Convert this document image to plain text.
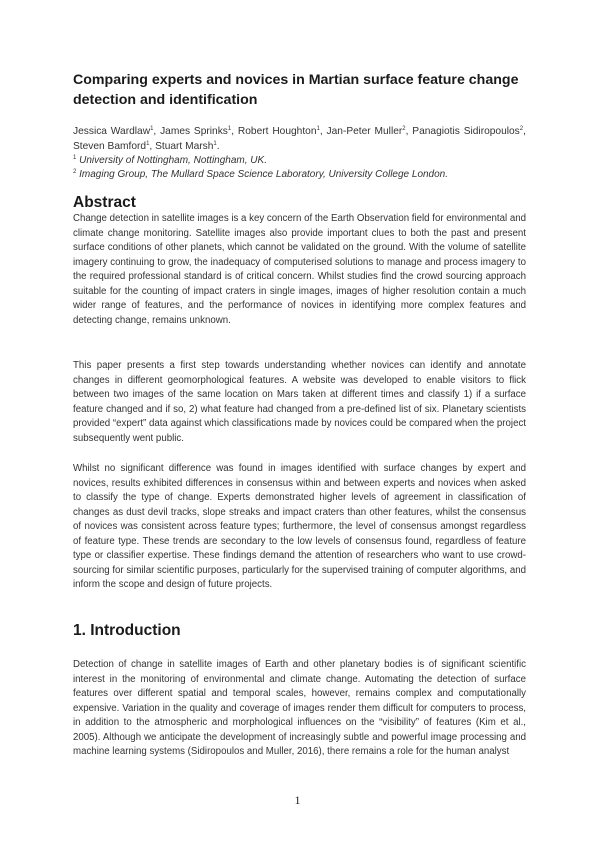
Comparing experts and novices in Martian surface feature change detection and identification
Jessica Wardlaw$^1$, James Sprinks$^1$, Robert Houghton$^1$, Jan-Peter Muller$^2$, Panagiotis Sidiropoulos$^2$, Steven Bamford$^1$, Stuart Marsh$^1$.
$^1$ University of Nottingham, Nottingham, UK.
$^2$ Imaging Group, The Mullard Space Science Laboratory, University College London.
Abstract

Change detection in satellite images is a key concern of the Earth Observation field for environmental and climate change monitoring. Satellite images also provide important clues to both the past and present surface conditions of other planets, which cannot be validated on the ground. With the volume of satellite imagery continuing to grow, the inadequacy of computerised solutions to manage and process imagery to the required professional standard is of critical concern. Whilst studies find the crowd sourcing approach suitable for the counting of impact craters in single images, images of higher resolution contain a much wider range of features, and the performance of novices in identifying more complex features and detecting change, remains unknown.

This paper presents a first step towards understanding whether novices can identify and annotate changes in different geomorphological features. A website was developed to enable visitors to flick between two images of the same location on Mars taken at different times and classify 1) if a surface feature changed and if so, 2) what feature had changed from a pre-defined list of six. Planetary scientists provided “expert” data against which classifications made by novices could be compared when the project subsequently went public.

Whilst no significant difference was found in images identified with surface changes by expert and novices, results exhibited differences in consensus within and between experts and novices when asked to classify the type of change. Experts demonstrated higher levels of agreement in classification of changes as dust devil tracks, slope streaks and impact craters than other features, whilst the consensus of novices was consistent across feature types; furthermore, the level of consensus amongst regardless of feature type. These trends are secondary to the low levels of consensus found, regardless of feature type or classifier expertise. These findings demand the attention of researchers who want to use crowd-sourcing for similar scientific purposes, particularly for the supervised training of computer algorithms, and inform the scope and design of future projects.

1. Introduction

Detection of change in satellite images of Earth and other planetary bodies is of significant scientific interest in the monitoring of environmental and climate change. Automating the detection of surface features over different spatial and temporal scales, however, remains complex and computationally expensive. Variation in the quality and coverage of images render them difficult for computers to process, in addition to the atmospheric and morphological influences on the “visibility” of features (Kim et al., 2005). Although we anticipate the development of increasingly subtle and powerful image processing and machine learning systems (Sidiropoulos and Muller, 2016), there remains a role for the human analyst

1
